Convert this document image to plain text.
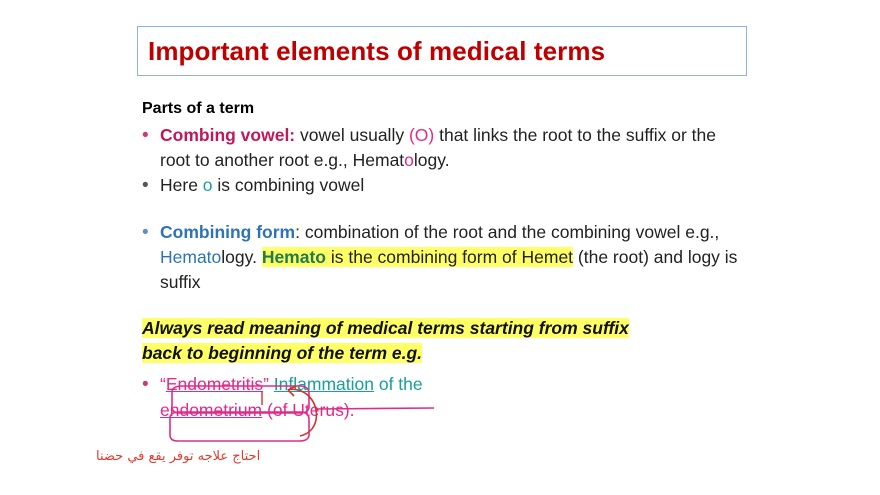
Important elements of medical terms
Parts of a term
• Combing vowel: vowel usually (O) that links the root to the suffix or the root to another root e.g., Hematology.
• Here o is combining vowel
• Combining form: combination of the root and the combining vowel e.g., Hematology. Hemato is the combining form of Hemet (the root) and logy is suffix
Always read meaning of medical terms starting from suffix
back to beginning of the term e.g.
• “Endometritis” Inflammation of the
endometrium (of Uterus).
احتاج علاجه توفر يقع في حضنا
